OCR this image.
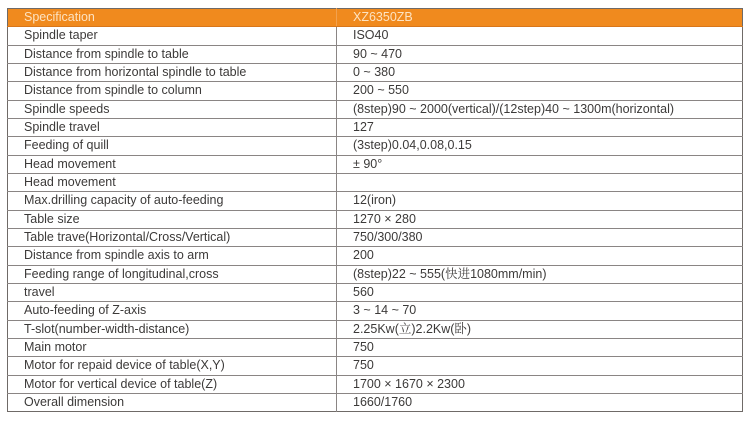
Specification	XZ6350ZB
Spindle taper	ISO40
Distance from spindle to table	90 ~ 470
Distance from horizontal spindle to table	0 ~ 380
Distance from spindle to column	200 ~ 550
Spindle speeds	(8step)90 ~ 2000(vertical)/(12step)40 ~ 1300m(horizontal)
Spindle travel	127
Feeding of quill	(3step)0.04,0.08,0.15
Head movement	± 90°
Head movement	
Max.drilling capacity of auto-feeding	12(iron)
Table size	1270 × 280
Table trave(Horizontal/Cross/Vertical)	750/300/380
Distance from spindle axis to arm	200
Feeding range of longitudinal,cross	(8step)22 ~ 555(快进1080mm/min)
travel	560
Auto-feeding of Z-axis	3 ~ 14 ~ 70
T-slot(number-width-distance)	2.25Kw(立)2.2Kw(卧)
Main motor	750
Motor for repaid device of table(X,Y)	750
Motor for vertical device of table(Z)	1700 × 1670 × 2300
Overall dimension	1660/1760
